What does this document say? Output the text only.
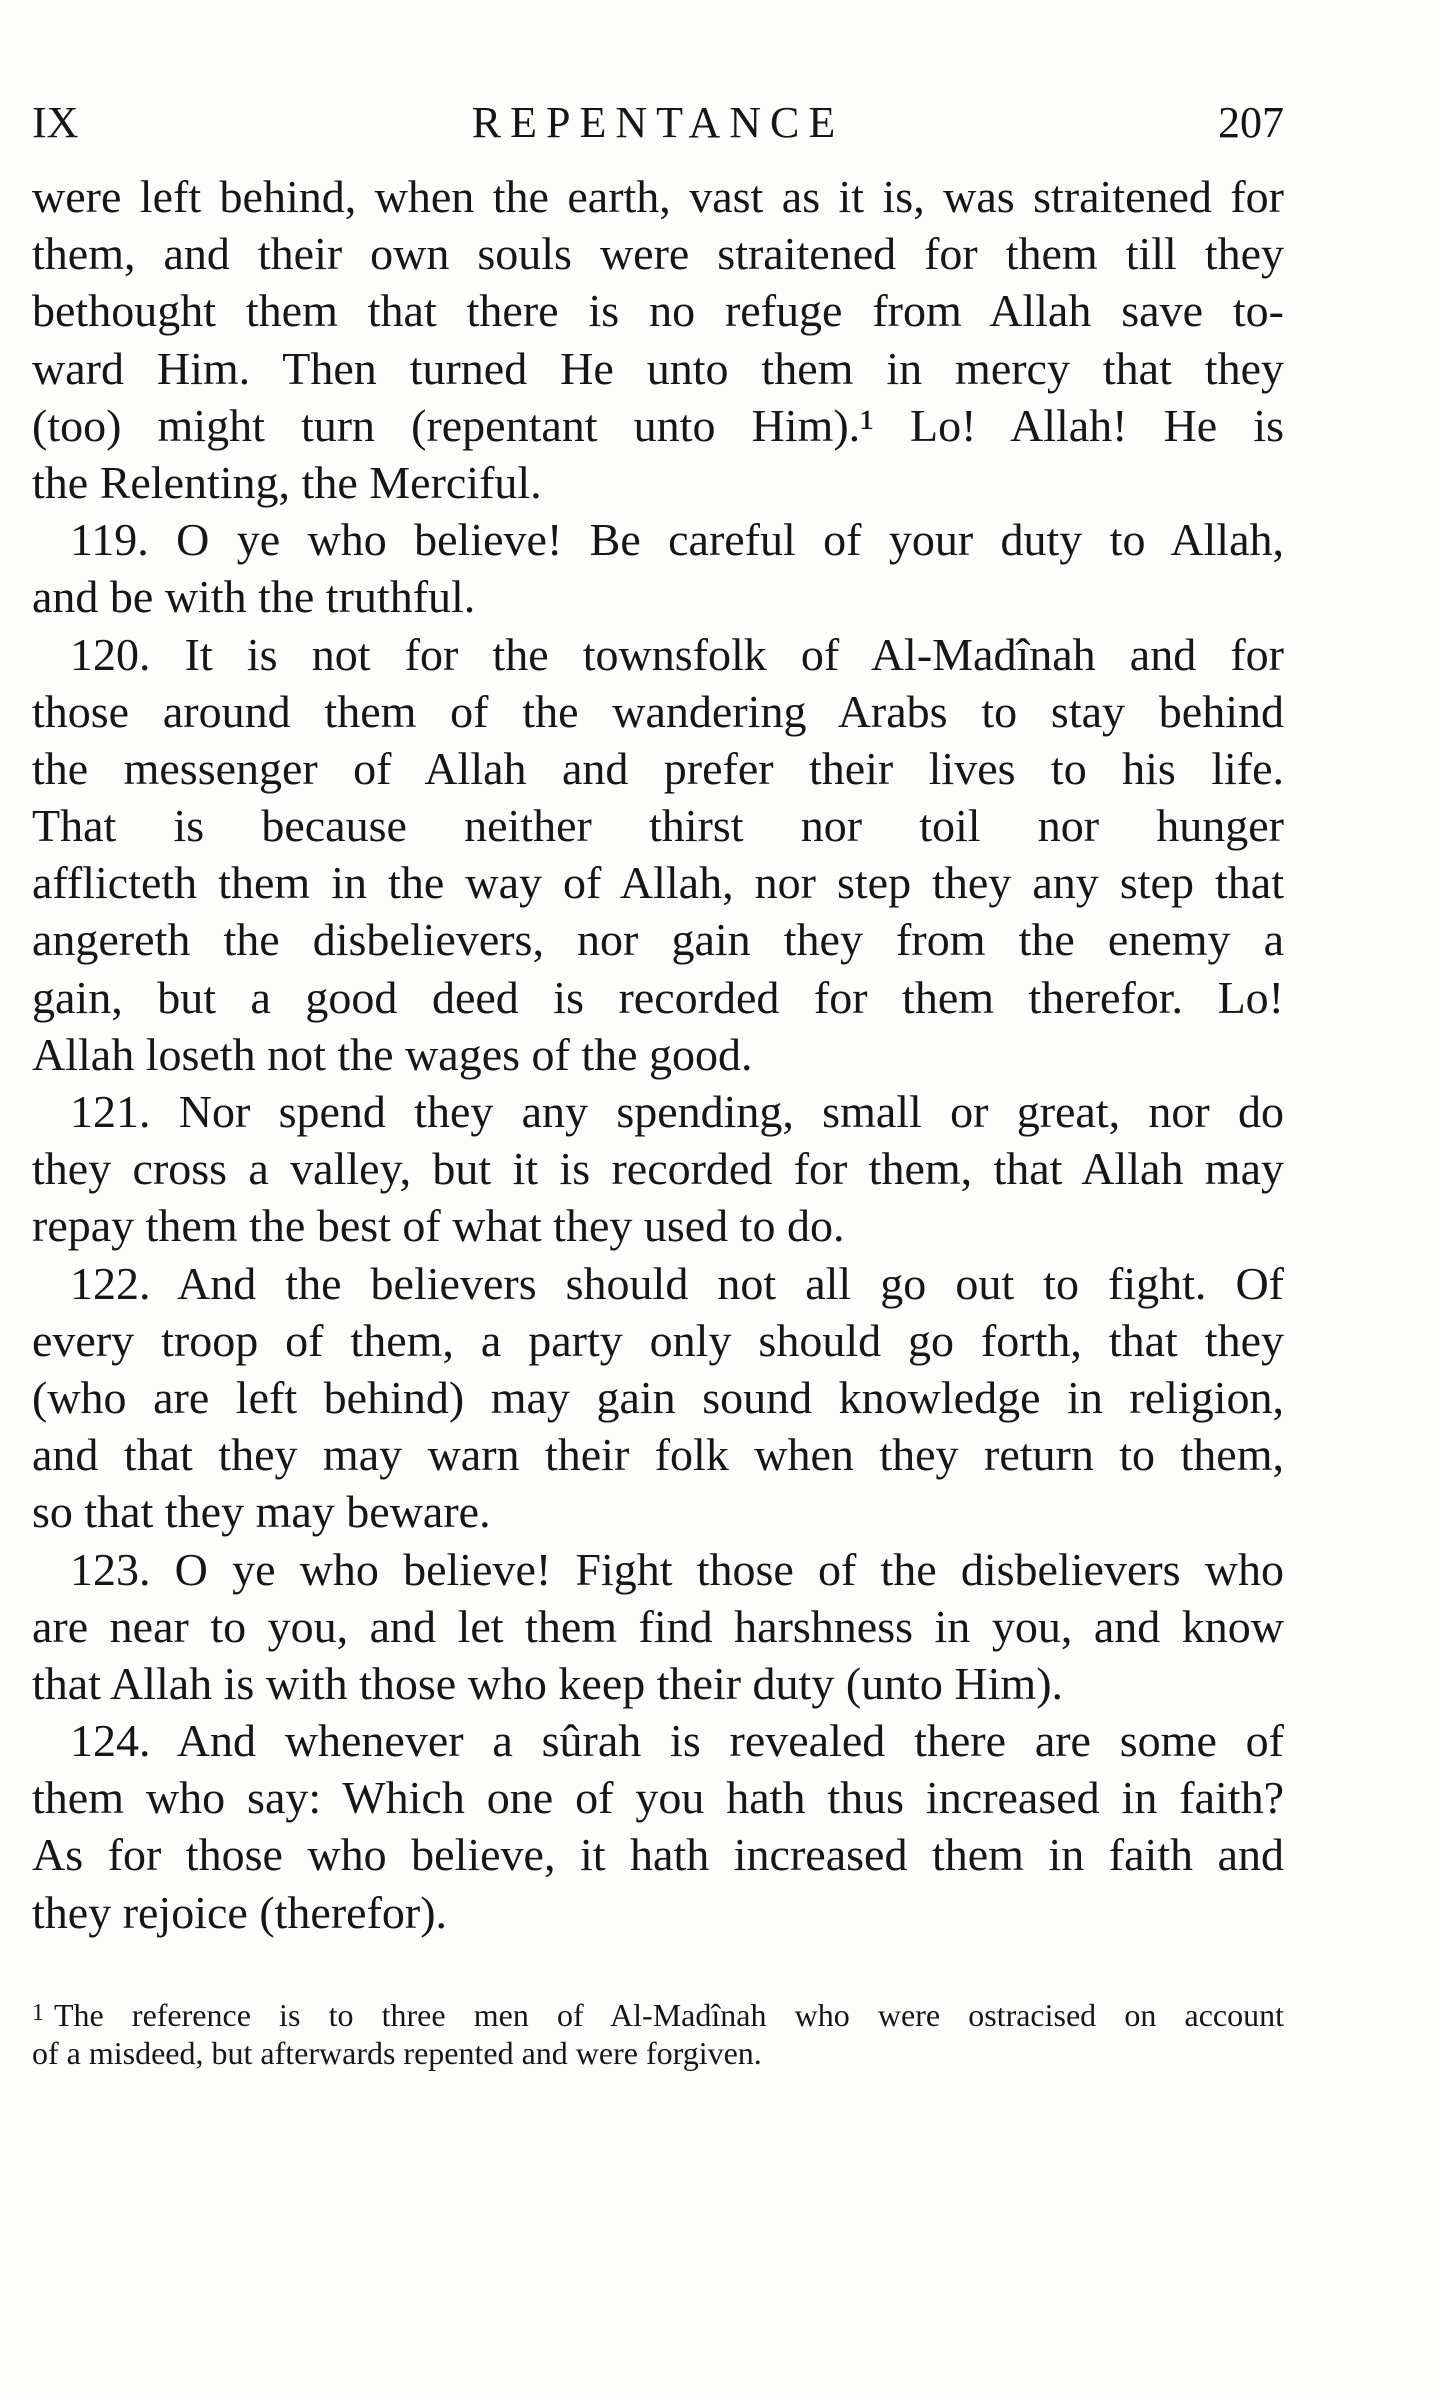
IX	REPENTANCE	207
were left behind, when the earth, vast as it is, was straitened for
them, and their own souls were straitened for them till they
bethought them that there is no refuge from Allah save to-
ward Him. Then turned He unto them in mercy that they
(too) might turn (repentant unto Him).¹ Lo! Allah! He is
the Relenting, the Merciful.
119. O ye who believe! Be careful of your duty to Allah,
and be with the truthful.
120. It is not for the townsfolk of Al-Madînah and for
those around them of the wandering Arabs to stay behind
the messenger of Allah and prefer their lives to his life.
That is because neither thirst nor toil nor hunger
afflicteth them in the way of Allah, nor step they any step that
angereth the disbelievers, nor gain they from the enemy a
gain, but a good deed is recorded for them therefor. Lo!
Allah loseth not the wages of the good.
121. Nor spend they any spending, small or great, nor do
they cross a valley, but it is recorded for them, that Allah may
repay them the best of what they used to do.
122. And the believers should not all go out to fight. Of
every troop of them, a party only should go forth, that they
(who are left behind) may gain sound knowledge in religion,
and that they may warn their folk when they return to them,
so that they may beware.
123. O ye who believe! Fight those of the disbelievers who
are near to you, and let them find harshness in you, and know
that Allah is with those who keep their duty (unto Him).
124. And whenever a sûrah is revealed there are some of
them who say: Which one of you hath thus increased in faith?
As for those who believe, it hath increased them in faith and
they rejoice (therefor).
1 The reference is to three men of Al-Madînah who were ostracised on account
of a misdeed, but afterwards repented and were forgiven.
